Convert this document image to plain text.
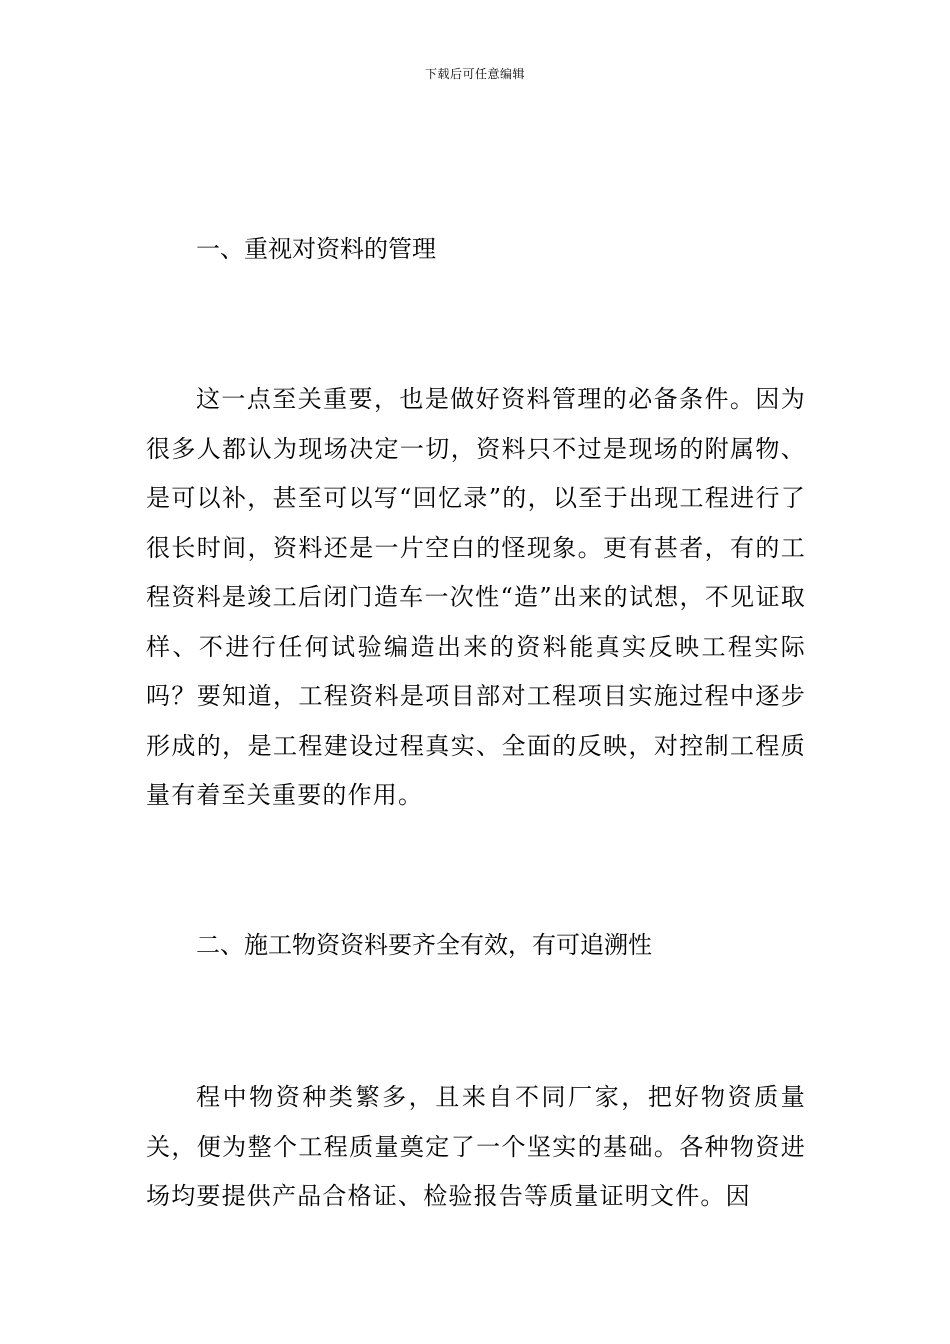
下载后可任意编辑
一、重视对资料的管理

这一点至关重要，也是做好资料管理的必备条件。因为很多人都认为现场决定一切，资料只不过是现场的附属物、是可以补，甚至可以写“回忆录”的，以至于出现工程进行了很长时间，资料还是一片空白的怪现象。更有甚者，有的工程资料是竣工后闭门造车一次性“造”出来的试想，不见证取样、不进行任何试验编造出来的资料能真实反映工程实际吗？要知道，工程资料是项目部对工程项目实施过程中逐步形成的，是工程建设过程真实、全面的反映，对控制工程质量有着至关重要的作用。

二、施工物资资料要齐全有效，有可追溯性

程中物资种类繁多，且来自不同厂家，把好物资质量关，便为整个工程质量奠定了一个坚实的基础。各种物资进场均要提供产品合格证、检验报告等质量证明文件。因
